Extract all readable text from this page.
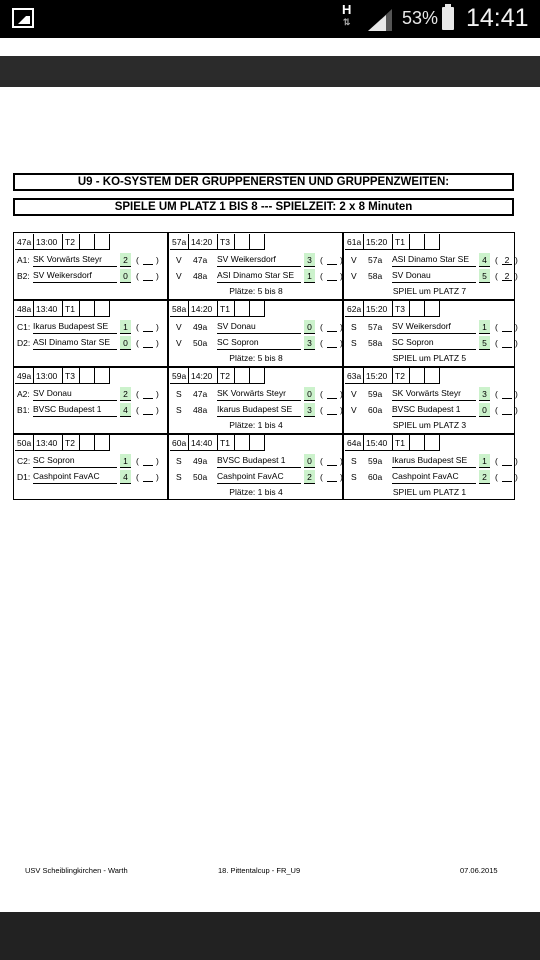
H
⇅	53% 14:41
U9 - KO-SYSTEM DER GRUPPENERSTEN UND GRUPPENZWEITEN:
SPIELE UM PLATZ 1 BIS 8 --- SPIELZEIT: 2 x 8 Minuten
47a 13:00 T2
A1: SK Vorwärts Steyr	2 ( __ )
B2: SV Weikersdorf	0 ( __ )
57a 14:20 T3
V 47a SV Weikersdorf	3 ( __ )
V 48a ASI Dinamo Star SE	1 ( __ )
Plätze: 5 bis 8
61a 15:20 T1
V 57a ASI Dinamo Star SE	4 ( 2 )
V 58a SV Donau	5 ( 2 )
SPIEL um PLATZ 7
48a 13:40 T1
C1: Ikarus Budapest SE	1 ( __ )
D2: ASI Dinamo Star SE	0 ( __ )
58a 14:20 T1
V 49a SV Donau	0 ( __ )
V 50a SC Sopron	3 ( __ )
Plätze: 5 bis 8
62a 15:20 T3
S 57a SV Weikersdorf	1 ( __ )
S 58a SC Sopron	5 ( __ )
SPIEL um PLATZ 5
49a 13:00 T3
A2: SV Donau	2 ( __ )
B1: BVSC Budapest 1	4 ( __ )
59a 14:20 T2
S 47a SK Vorwärts Steyr	0 ( __ )
S 48a Ikarus Budapest SE	3 ( __ )
Plätze: 1 bis 4
63a 15:20 T2
V 59a SK Vorwärts Steyr	3 ( __ )
V 60a BVSC Budapest 1	0 ( __ )
SPIEL um PLATZ 3
50a 13:40 T2
C2: SC Sopron	1 ( __ )
D1: Cashpoint FavAC	4 ( __ )
60a 14:40 T1
S 49a BVSC Budapest 1	0 ( __ )
S 50a Cashpoint FavAC	2 ( __ )
Plätze: 1 bis 4
64a 15:40 T1
S 59a Ikarus Budapest SE	1 ( __ )
S 60a Cashpoint FavAC	2 ( __ )
SPIEL um PLATZ 1
USV Scheiblingkirchen - Warth	18. Pittentalcup - FR_U9	07.06.2015
